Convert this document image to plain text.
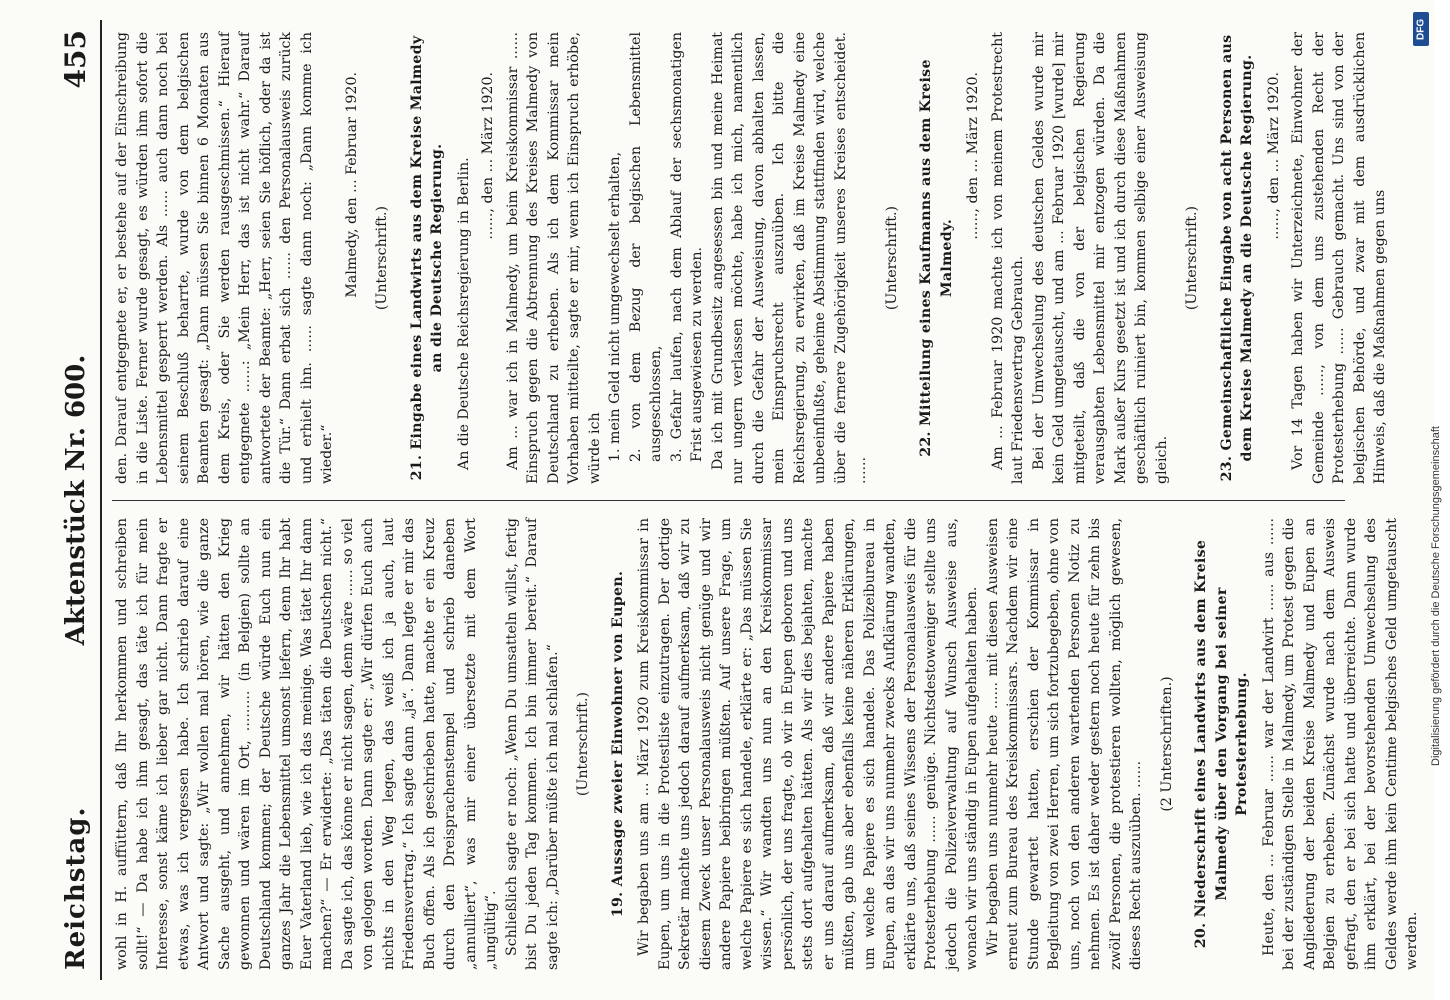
Reichstag.
Aktenstück Nr. 600.
455

wohl in H. auffüttern, daß Ihr herkommen und schreiben sollt!“ — Da habe ich ihm gesagt, das täte ich für mein Interesse, sonst käme ich lieber gar nicht. Dann fragte er etwas, was ich vergessen habe. Ich schrieb darauf eine Antwort und sagte: „Wir wollen mal hören, wie die ganze Sache ausgeht, und annehmen, wir hätten den Krieg gewonnen und wären im Ort, ......... (in Belgien) sollte an Deutschland kommen; der Deutsche würde Euch nun ein ganzes Jahr die Lebensmittel umsonst liefern, denn Ihr habt Euer Vaterland lieb, wie ich das meinige. Was tätet Ihr dann machen?“ — Er erwiderte: „Das täten die Deutschen nicht.“ Da sagte ich, das könne er nicht sagen, denn wäre ...... so viel von gelogen worden. Dann sagte er: „Wir dürfen Euch auch nichts in den Weg legen, das weiß ich ja auch, laut Friedensvertrag.“ Ich sagte dann „ja“. Dann legte er mir das Buch offen. Als ich geschrieben hatte, machte er ein Kreuz durch den Dreisprachenstempel und schrieb daneben „annulliert“, was mir einer übersetzte mit dem Wort „ungültig“. Schließlich sagte er noch: „Wenn Du umsatteln willst, fertig bist Du jeden Tag kommen. Ich bin immer bereit.“ Darauf sagte ich: „Darüber müßte ich mal schlafen.“ (Unterschrift.) 19. Aussage zweier Einwohner von Eupen. Wir begaben uns am ... März 1920 zum Kreiskommissar in Eupen, um uns in die Protestliste einzutragen. Der dortige Sekretär machte uns jedoch darauf aufmerksam, daß wir zu diesem Zweck unser Personalausweis nicht genüge und wir andere Papiere beibringen müßten. Auf unsere Frage, um welche Papiere es sich handele, erklärte er: „Das müssen Sie wissen.“ Wir wandten uns nun an den Kreiskommissar persönlich, der uns fragte, ob wir in Eupen geboren und uns stets dort aufgehalten hätten. Als wir dies bejahten, machte er uns darauf aufmerksam, daß wir andere Papiere haben müßten, gab uns aber ebenfalls keine näheren Erklärungen, um welche Papiere es sich handele. Das Polizeibureau in Eupen, an das wir uns nunmehr zwecks Aufklärung wandten, erklärte uns, daß seines Wissens der Personalausweis für die Protesterhebung ...... genüge. Nichtsdestoweniger stellte uns jedoch die Polizeiverwaltung auf Wunsch Ausweise aus, wonach wir uns ständig in Eupen aufgehalten haben. Wir begaben uns nunmehr heute ...... mit diesen Ausweisen erneut zum Bureau des Kreiskommissars. Nachdem wir eine Stunde gewartet hatten, erschien der Kommissar in Begleitung von zwei Herren, um sich fortzubegeben, ohne von uns, noch von den anderen wartenden Personen Notiz zu nehmen. Es ist daher weder gestern noch heute für zehn bis zwölf Personen, die protestieren wollten, möglich gewesen, dieses Recht auszuüben. ......

(2 Unterschriften.) 20. Niederschrift eines Landwirts aus dem Kreise Malmedy über den Vorgang bei seiner Protesterhebung. Heute, den ... Februar ...... war der Landwirt ...... aus ...... bei der zuständigen Stelle in Malmedy, um Protest gegen die Angliederung der beiden Kreise Malmedy und Eupen an Belgien zu erheben. Zunächst wurde nach dem Ausweis gefragt, den er bei sich hatte und überreichte. Dann wurde ihm erklärt, bei der bevorstehenden Umwechselung des Geldes werde ihm kein Centime belgisches Geld umgetauscht werden.

den. Darauf entgegnete er, er bestehe auf der Einschreibung in die Liste. Ferner wurde gesagt, es würden ihm sofort die Lebensmittel gesperrt werden. Als ...... auch dann noch bei seinem Beschluß beharrte, wurde von dem belgischen Beamten gesagt: „Dann müssen Sie binnen 6 Monaten aus dem Kreis, oder Sie werden rausgeschmissen.“ Hierauf entgegnete ......: „Mein Herr, das ist nicht wahr.“ Darauf antwortete der Beamte: „Herr, seien Sie höflich, oder da ist die Tür.“ Dann erbat sich ...... den Personalausweis zurück und erhielt ihn. ...... sagte dann noch: „Dann komme ich wieder.“

Malmedy, den ... Februar 1920. (Unterschrift.) 21. Eingabe eines Landwirts aus dem Kreise Malmedy an die Deutsche Regierung. An die Deutsche Reichsregierung in Berlin.

......, den ... März 1920. Am ... war ich in Malmedy, um beim Kreiskommissar ...... Einspruch gegen die Abtrennung des Kreises Malmedy von Deutschland zu erheben. Als ich dem Kommissar mein Vorhaben mitteilte, sagte er mir, wenn ich Einspruch erhöbe, würde ich 1. mein Geld nicht umgewechselt erhalten, 2. von dem Bezug der belgischen Lebensmittel ausgeschlossen, 3. Gefahr laufen, nach dem Ablauf der sechsmonatigen Frist ausgewiesen zu werden. Da ich mit Grundbesitz angesessen bin und meine Heimat nur ungern verlassen möchte, habe ich mich, namentlich durch die Gefahr der Ausweisung, davon abhalten lassen, mein Einspruchsrecht auszuüben. Ich bitte die Reichsregierung, zu erwirken, daß im Kreise Malmedy eine unbeeinflußte, geheime Abstimmung stattfinden wird, welche über die fernere Zugehörigkeit unseres Kreises entscheidet. ......

(Unterschrift.) 22. Mitteilung eines Kaufmanns aus dem Kreise Malmedy.

......, den ... März 1920. Am ... Februar 1920 machte ich von meinem Protestrecht laut Friedensvertrag Gebrauch. Bei der Umwechselung des deutschen Geldes wurde mir kein Geld umgetauscht, und am ... Februar 1920 [wurde] mir mitgeteilt, daß die von der belgischen Regierung verausgabten Lebensmittel mir entzogen würden. Da die Mark außer Kurs gesetzt ist und ich durch diese Maßnahmen geschäftlich ruiniert bin, kommen selbige einer Ausweisung gleich.

(Unterschrift.) 23. Gemeinschaftliche Eingabe von acht Personen aus dem Kreise Malmedy an die Deutsche Regierung. ......, den ... März 1920. Vor 14 Tagen haben wir Unterzeichnete, Einwohner der Gemeinde ......, von dem uns zustehenden Recht der Protesterhebung ...... Gebrauch gemacht. Uns sind von der belgischen Behörde, und zwar mit dem ausdrücklichen Hinweis, daß die Maßnahmen gegen uns

DFG
Digitalisierung gefördert durch die Deutsche Forschungsgemeinschaft
